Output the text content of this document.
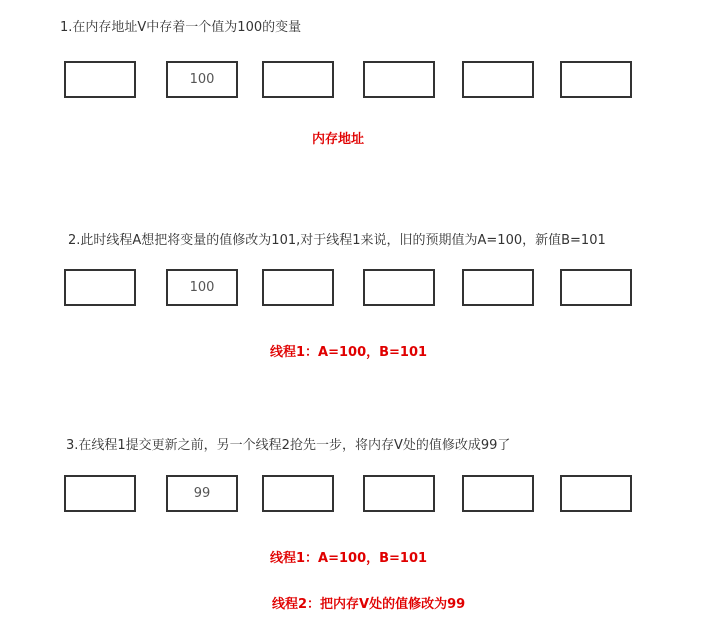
1.在内存地址V中存着一个值为100的变量
100
内存地址
2.此时线程A想把将变量的值修改为101,对于线程1来说，旧的预期值为A=100，新值B=101
100
线程1：A=100，B=101
3.在线程1提交更新之前，另一个线程2抢先一步，将内存V处的值修改成99了
99
线程1：A=100，B=101
线程2：把内存V处的值修改为99
